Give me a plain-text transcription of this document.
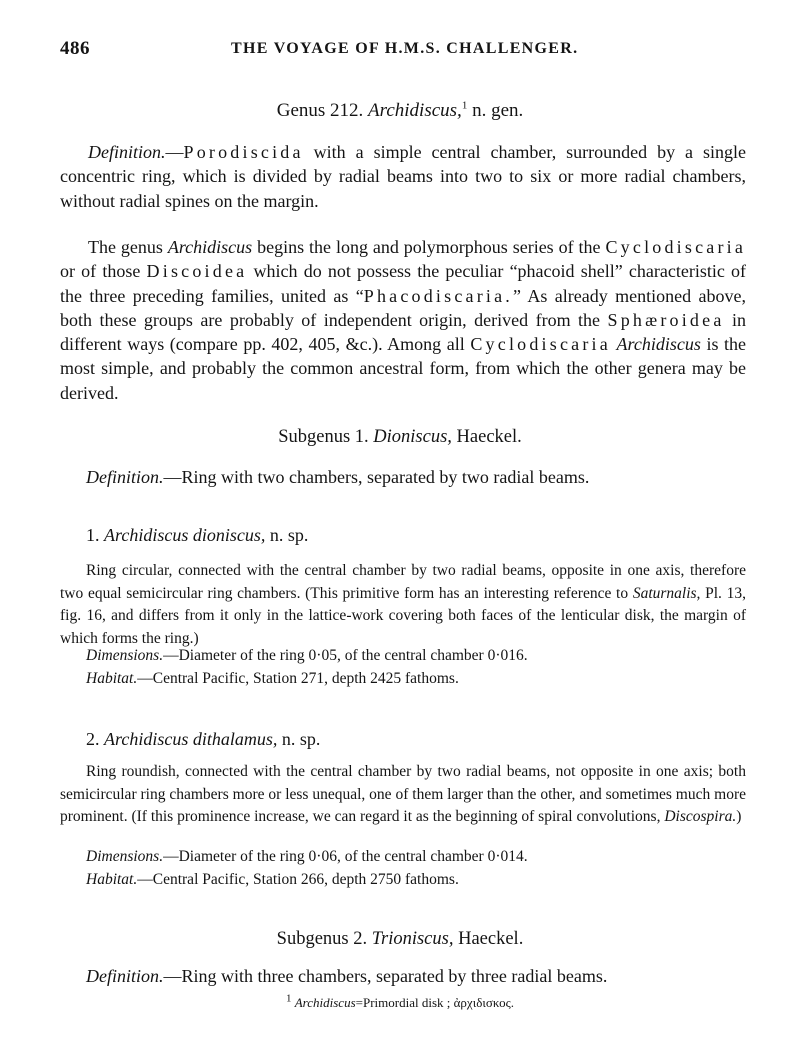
486	THE VOYAGE OF H.M.S. CHALLENGER.
Genus 212. Archidiscus,$^1$ n. gen.

Definition.—Porodiscida with a simple central chamber, surrounded by a single concentric ring, which is divided by radial beams into two to six or more radial chambers, without radial spines on the margin.

The genus Archidiscus begins the long and polymorphous series of the Cyclodiscaria or of those Discoidea which do not possess the peculiar “phacoid shell” characteristic of the three preceding families, united as “Phacodiscaria.” As already mentioned above, both these groups are probably of independent origin, derived from the Sphæroidea in different ways (compare pp. 402, 405, &c.). Among all Cyclodiscaria Archidiscus is the most simple, and probably the common ancestral form, from which the other genera may be derived.

Subgenus 1. Dioniscus, Haeckel.

Definition.—Ring with two chambers, separated by two radial beams.

1. Archidiscus dioniscus, n. sp.

Ring circular, connected with the central chamber by two radial beams, opposite in one axis, therefore two equal semicircular ring chambers. (This primitive form has an interesting reference to Saturnalis, Pl. 13, fig. 16, and differs from it only in the lattice-work covering both faces of the lenticular disk, the margin of which forms the ring.)

Dimensions.—Diameter of the ring 0·05, of the central chamber 0·016.
Habitat.—Central Pacific, Station 271, depth 2425 fathoms.
2. Archidiscus dithalamus, n. sp.

Ring roundish, connected with the central chamber by two radial beams, not opposite in one axis; both semicircular ring chambers more or less unequal, one of them larger than the other, and sometimes much more prominent. (If this prominence increase, we can regard it as the beginning of spiral convolutions, Discospira.)

Dimensions.—Diameter of the ring 0·06, of the central chamber 0·014.
Habitat.—Central Pacific, Station 266, depth 2750 fathoms.
Subgenus 2. Trioniscus, Haeckel.

Definition.—Ring with three chambers, separated by three radial beams.

$^1$ Archidiscus=Primordial disk ; ἀρχιδισκος.
